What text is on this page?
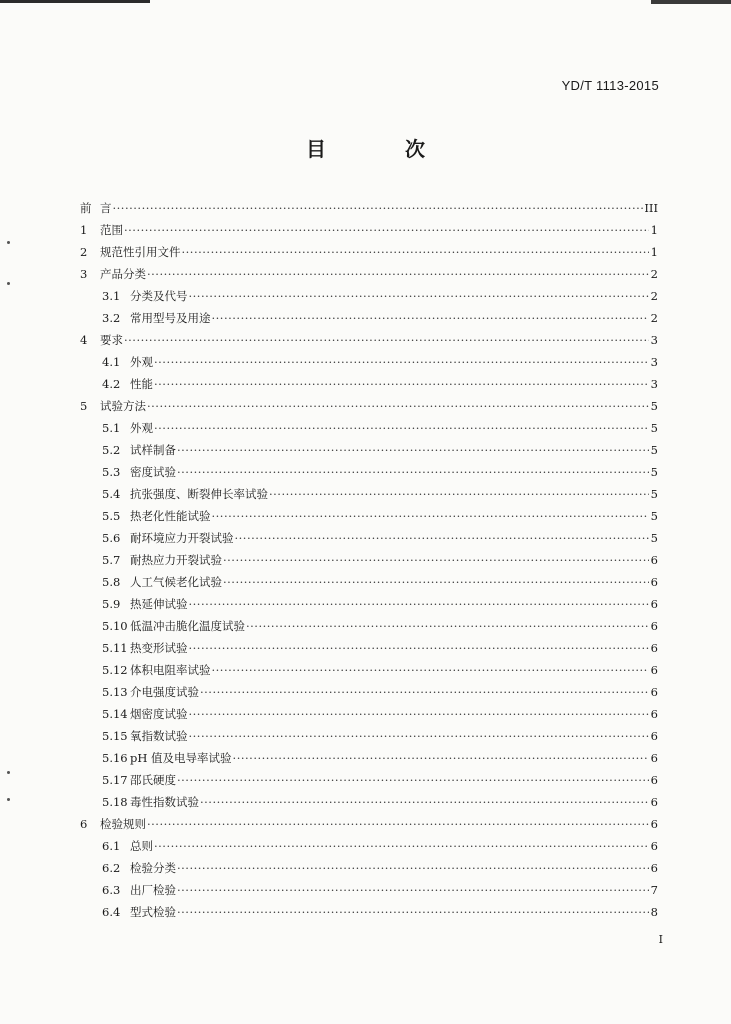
YD/T 1113-2015
目 次
前 言 ·····	III
1	范围 ·····	1
2	规范性引用文件 ·····	1
3	产品分类 ·····	2
3.1 分类及代号 ·····	2
3.2 常用型号及用途 ·····	2
4	要求 ·····	3
4.1 外观 ·····	3
4.2 性能 ·····	3
5	试验方法 ·····	5
5.1 外观 ·····	5
5.2 试样制备 ·····	5
5.3 密度试验 ·····	5
5.4 抗张强度、断裂伸长率试验 ·····	5
5.5 热老化性能试验 ·····	5
5.6 耐环境应力开裂试验 ·····	5
5.7 耐热应力开裂试验 ·····	6
5.8 人工气候老化试验 ·····	6
5.9 热延伸试验 ·····	6
5.10 低温冲击脆化温度试验 ·····	6
5.11 热变形试验 ·····	6
5.12 体积电阻率试验 ·····	6
5.13 介电强度试验 ·····	6
5.14 烟密度试验 ·····	6
5.15 氧指数试验 ·····	6
5.16 pH 值及电导率试验 ·····	6
5.17 邵氏硬度 ·····	6
5.18 毒性指数试验 ·····	6
6	检验规则 ·····	6
6.1 总则 ·····	6
6.2 检验分类 ·····	6
6.3 出厂检验 ·····	7
6.4 型式检验 ·····	8
I
